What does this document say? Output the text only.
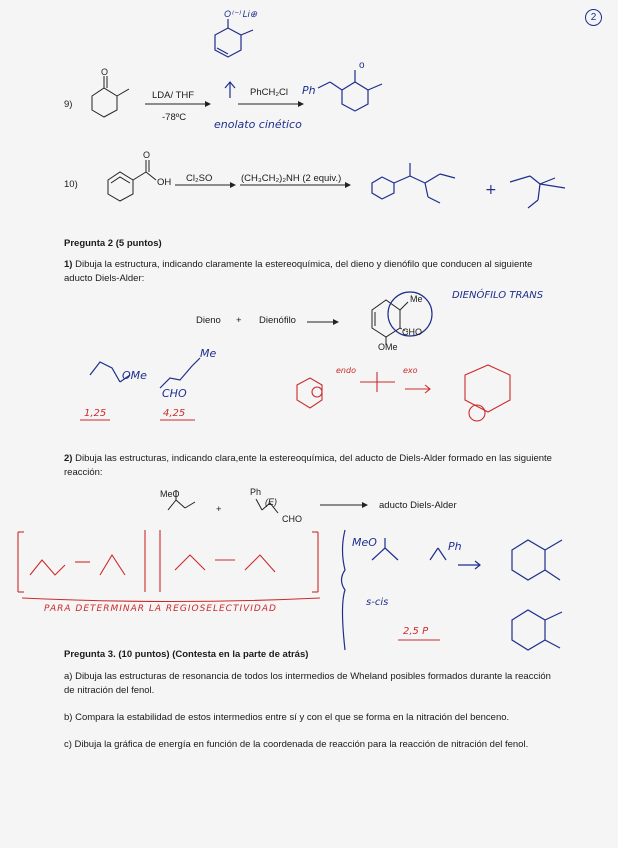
2
O⁽⁻⁾ Li⊕
O
o
O
9)
LDA/ THF
-78ºC
PhCH₂Cl
enolato cinético
Ph
10)	OH Cl₂SO	(CH₃CH₂)₂NH (2 equiv.)
+
Pregunta 2 (5 puntos)
1) Dibuja la estructura, indicando claramente la estereoquímica, del dieno y dienófilo que conducen al siguiente aducto Diels-Alder:
Dieno + Dienófilo
Me
CHO
OMe
DIENÓFILO TRANS
OMe
Me
CHO
1,25	4,25
endo	exo
2) Dibuja las estructuras, indicando clara,ente la estereoquímica, del aducto de Diels-Alder formado en las siguiente reacción:
MeO
+
Ph
(E)
CHO
aducto Diels-Alder
PARA DETERMINAR LA REGIOSELECTIVIDAD
s-cis
2,5 P
MeO	Ph
Pregunta 3. (10 puntos) (Contesta en la parte de atrás)
a) Dibuja las estructuras de resonancia de todos los intermedios de Wheland posibles formados durante la reacción de nitración del fenol.
b) Compara la estabilidad de estos intermedios entre sí y con el que se forma en la nitración del benceno.
c) Dibuja la gráfica de energía en función de la coordenada de reacción para la reacción de nitración del fenol.
